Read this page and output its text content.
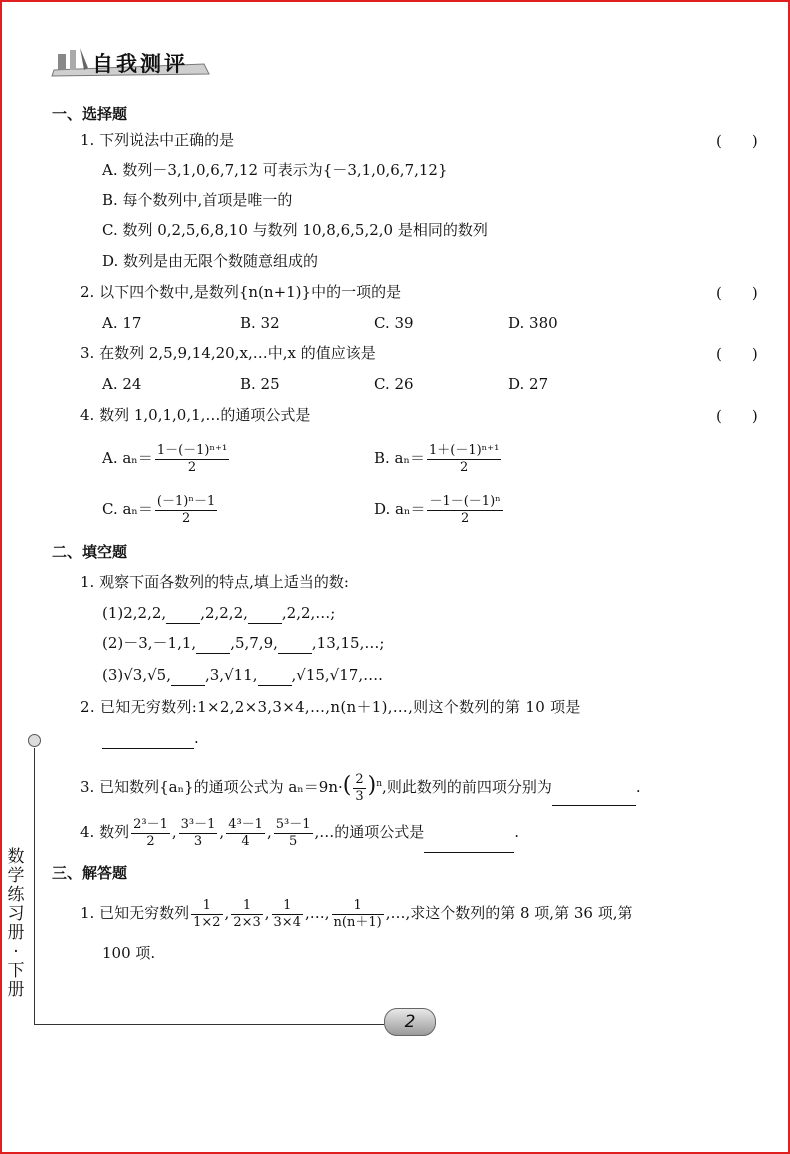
自我测评
一、选择题
1. 下列说法中正确的是	(　　)
A. 数列－3,1,0,6,7,12 可表示为{－3,1,0,6,7,12}
B. 每个数列中,首项是唯一的
C. 数列 0,2,5,6,8,10 与数列 10,8,6,5,2,0 是相同的数列
D. 数列是由无限个数随意组成的
2. 以下四个数中,是数列{n(n+1)}中的一项的是	(　　)
A. 17	B. 32	C. 39	D. 380
3. 在数列 2,5,9,14,20,x,…中,x 的值应该是	(　　)
A. 24	B. 25	C. 26	D. 27
4. 数列 1,0,1,0,1,…的通项公式是	(　　)
A. $a_n= \frac{\text{1－(－1)ⁿ⁺¹}}{2}$	B. $a_n= \frac{\text{1＋(－1)ⁿ⁺¹}}{2}$
C. $a_n= \frac{\text{(－1)ⁿ－1}}{2}$	D. $a_n= \frac{\text{－1－(－1)ⁿ}}{2}$
二、填空题
1. 观察下面各数列的特点,填上适当的数:
(1)2,2,2, ,2,2,2, ,2,2,…;
(2)－3,－1,1, ,5,7,9, ,13,15,…;
(3)√3,√5, ,3,√11, ,√15,√17,….
2. 已知无穷数列:1×2,2×3,3×4,…,n(n＋1),…,则这个数列的第 10 项是
.
3. 已知数列{aₙ}的通项公式为 $a_n=9n\cdot( \frac{2}{3} )^n$,则此数列的前四项分别为	.
4. 数列 $\frac{\text{2³－1}}{2}$ , $\frac{\text{3³－1}}{3}$ , $\frac{\text{4³－1}}{4}$ , $\frac{\text{5³－1}}{5}$ ,…的通项公式是	.
三、解答题
1. 已知无穷数列 $\frac{1}{1\times 2}$ , $\frac{1}{2\times 3}$ , $\frac{1}{3\times 4}$ ,…, $\frac{1}{n(n+1)}$ ,…,求这个数列的第 8 项,第 36 项,第
100 项.
数学练习册·下册
2
